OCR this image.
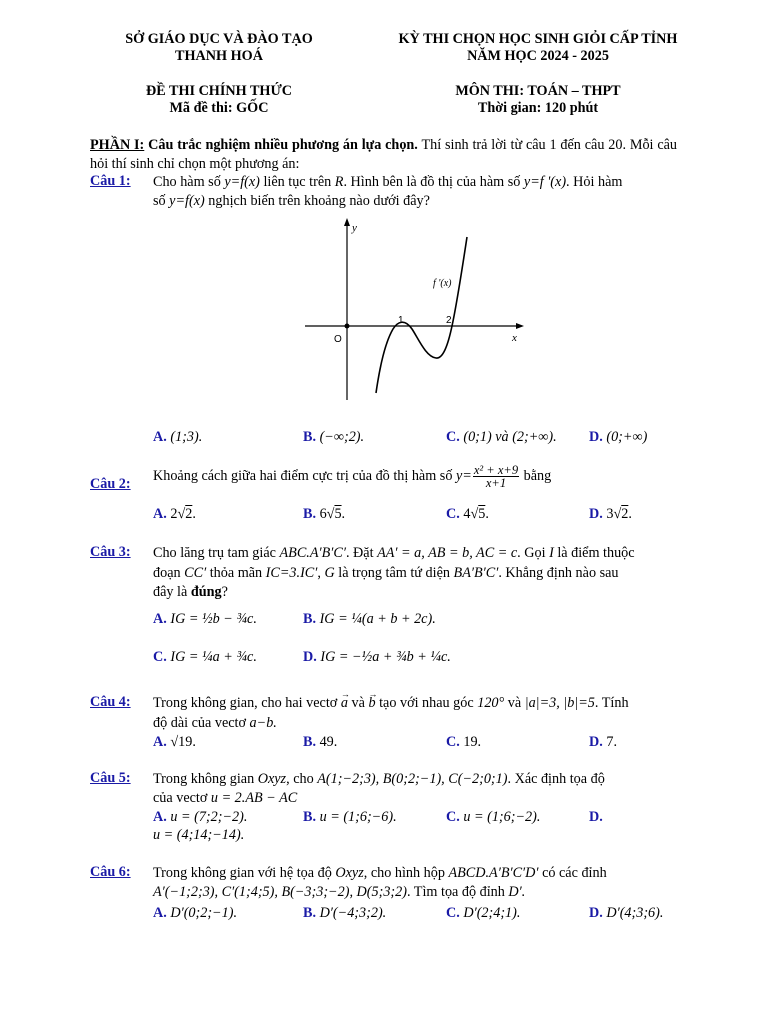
SỞ GIÁO DỤC VÀ ĐÀO TẠO
THANH HOÁ
KỲ THI CHỌN HỌC SINH GIỎI CẤP TỈNH
NĂM HỌC 2024 - 2025
ĐỀ THI CHÍNH THỨC
Mã đề thi: GỐC
MÔN THI: TOÁN – THPT
Thời gian: 120 phút
PHẦN I: Câu trắc nghiệm nhiều phương án lựa chọn. Thí sinh trả lời từ câu 1 đến câu 20. Mỗi câu hỏi thí sinh chỉ chọn một phương án:
Câu 1: Cho hàm số y=f(x) liên tục trên R. Hình bên là đồ thị của hàm số y=f '(x). Hỏi hàm
số y=f(x) nghịch biến trên khoảng nào dưới đây?
y
x
O
1	2
f '(x)
A. (1;3).	B. (−∞;2).	C. (0;1) và (2;+∞). D. (0;+∞)
Câu 2:
Khoảng cách giữa hai điểm cực trị của đồ thị hàm số $y= \frac{\text{x² + x+9}}{x+1}$ bằng
A. 2√2.	B. 6√5.	C. 4√5.	D. 3√2.
Câu 3: Cho lăng trụ tam giác ABC.A′B′C′. Đặt AA′ = a, AB = b, AC = c. Gọi I là điểm thuộc
đoạn CC′ thỏa mãn IC=3.IC′, G là trọng tâm tứ diện BA′B′C′. Khẳng định nào sau
đây là đúng?
A. IG = ½b − ¾c.	B. IG = ¼(a + b + 2c).
C. IG = ¼a + ¾c.	D. IG = −½a + ¾b + ¼c.
Câu 4: Trong không gian, cho hai vectơ → a và → b tạo với nhau góc 120° và |a|=3, |b|=5. Tính
độ dài của vectơ a−b.
A. √19.	B. 49.	C. 19.	D. 7.
Câu 5: Trong không gian Oxyz, cho A(1;−2;3), B(0;2;−1), C(−2;0;1). Xác định tọa độ
của vectơ u = 2.AB − AC
A. u = (7;2;−2).	B. u = (1;6;−6).	C. u = (1;6;−2).	D.
u = (4;14;−14).
Câu 6: Trong không gian với hệ tọa độ Oxyz, cho hình hộp ABCD.A′B′C′D′ có các đỉnh
A′(−1;2;3), C′(1;4;5), B(−3;3;−2), D(5;3;2). Tìm tọa độ đỉnh D′.
A. D′(0;2;−1).	B. D′(−4;3;2).	C. D′(2;4;1).	D. D′(4;3;6).
